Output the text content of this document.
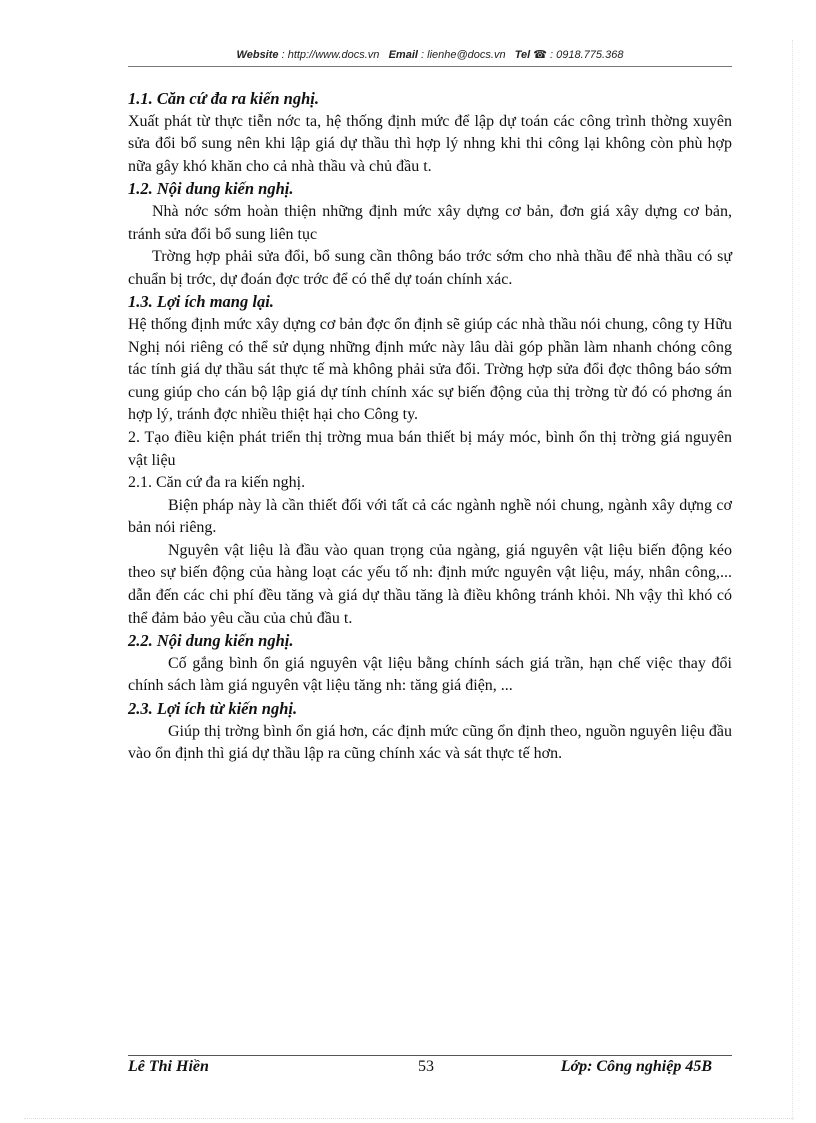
Website : http://www.docs.vn Email : lienhe@docs.vn Tel ☎ : 0918.775.368

1.1. Căn cứ đa ra kiến nghị.

Xuất phát từ thực tiễn nớc ta, hệ thống định mức để lập dự toán các công trình thờng xuyên sửa đổi bổ sung nên khi lập giá dự thầu thì hợp lý nhng khi thi công lại không còn phù hợp nữa gây khó khăn cho cả nhà thầu và chủ đầu t.

1.2. Nội dung kiến nghị.

Nhà nớc sớm hoàn thiện những định mức xây dựng cơ bản, đơn giá xây dựng cơ bản, tránh sửa đổi bổ sung liên tục

Trờng hợp phải sửa đổi, bổ sung cần thông báo trớc sớm cho nhà thầu để nhà thầu có sự chuẩn bị trớc, dự đoán đợc trớc để có thể dự toán chính xác.

1.3. Lợi ích mang lại.

Hệ thống định mức xây dựng cơ bản đợc ổn định sẽ giúp các nhà thầu nói chung, công ty Hữu Nghị nói riêng có thể sử dụng những định mức này lâu dài góp phần làm nhanh chóng công tác tính giá dự thầu sát thực tế mà không phải sửa đổi. Trờng hợp sửa đổi đợc thông báo sớm cung giúp cho cán bộ lập giá dự tính chính xác sự biến động của thị trờng từ đó có phơng án hợp lý, tránh đợc nhiều thiệt hại cho Công ty.

2. Tạo điều kiện phát triển thị trờng mua bán thiết bị máy móc, bình ổn thị trờng giá nguyên vật liệu

2.1. Căn cứ đa ra kiến nghị.

Biện pháp này là cần thiết đối với tất cả các ngành nghề nói chung, ngành xây dựng cơ bản nói riêng.

Nguyên vật liệu là đầu vào quan trọng của ngàng, giá nguyên vật liệu biến động kéo theo sự biến động của hàng loạt các yếu tố nh: định mức nguyên vật liệu, máy, nhân công,... dẫn đến các chi phí đều tăng và giá dự thầu tăng là điều không tránh khỏi. Nh vậy thì khó có thể đảm bảo yêu cầu của chủ đầu t.

2.2. Nội dung kiến nghị.

Cố gắng bình ổn giá nguyên vật liệu bằng chính sách giá trần, hạn chế việc thay đổi chính sách làm giá nguyên vật liệu tăng nh: tăng giá điện, ...

2.3. Lợi ích từ kiến nghị.

Giúp thị trờng bình ổn giá hơn, các định mức cũng ổn định theo, nguồn nguyên liệu đầu vào ổn định thì giá dự thầu lập ra cũng chính xác và sát thực tế hơn.

Lê Thi Hiền	53	Lớp: Công nghiệp 45B
